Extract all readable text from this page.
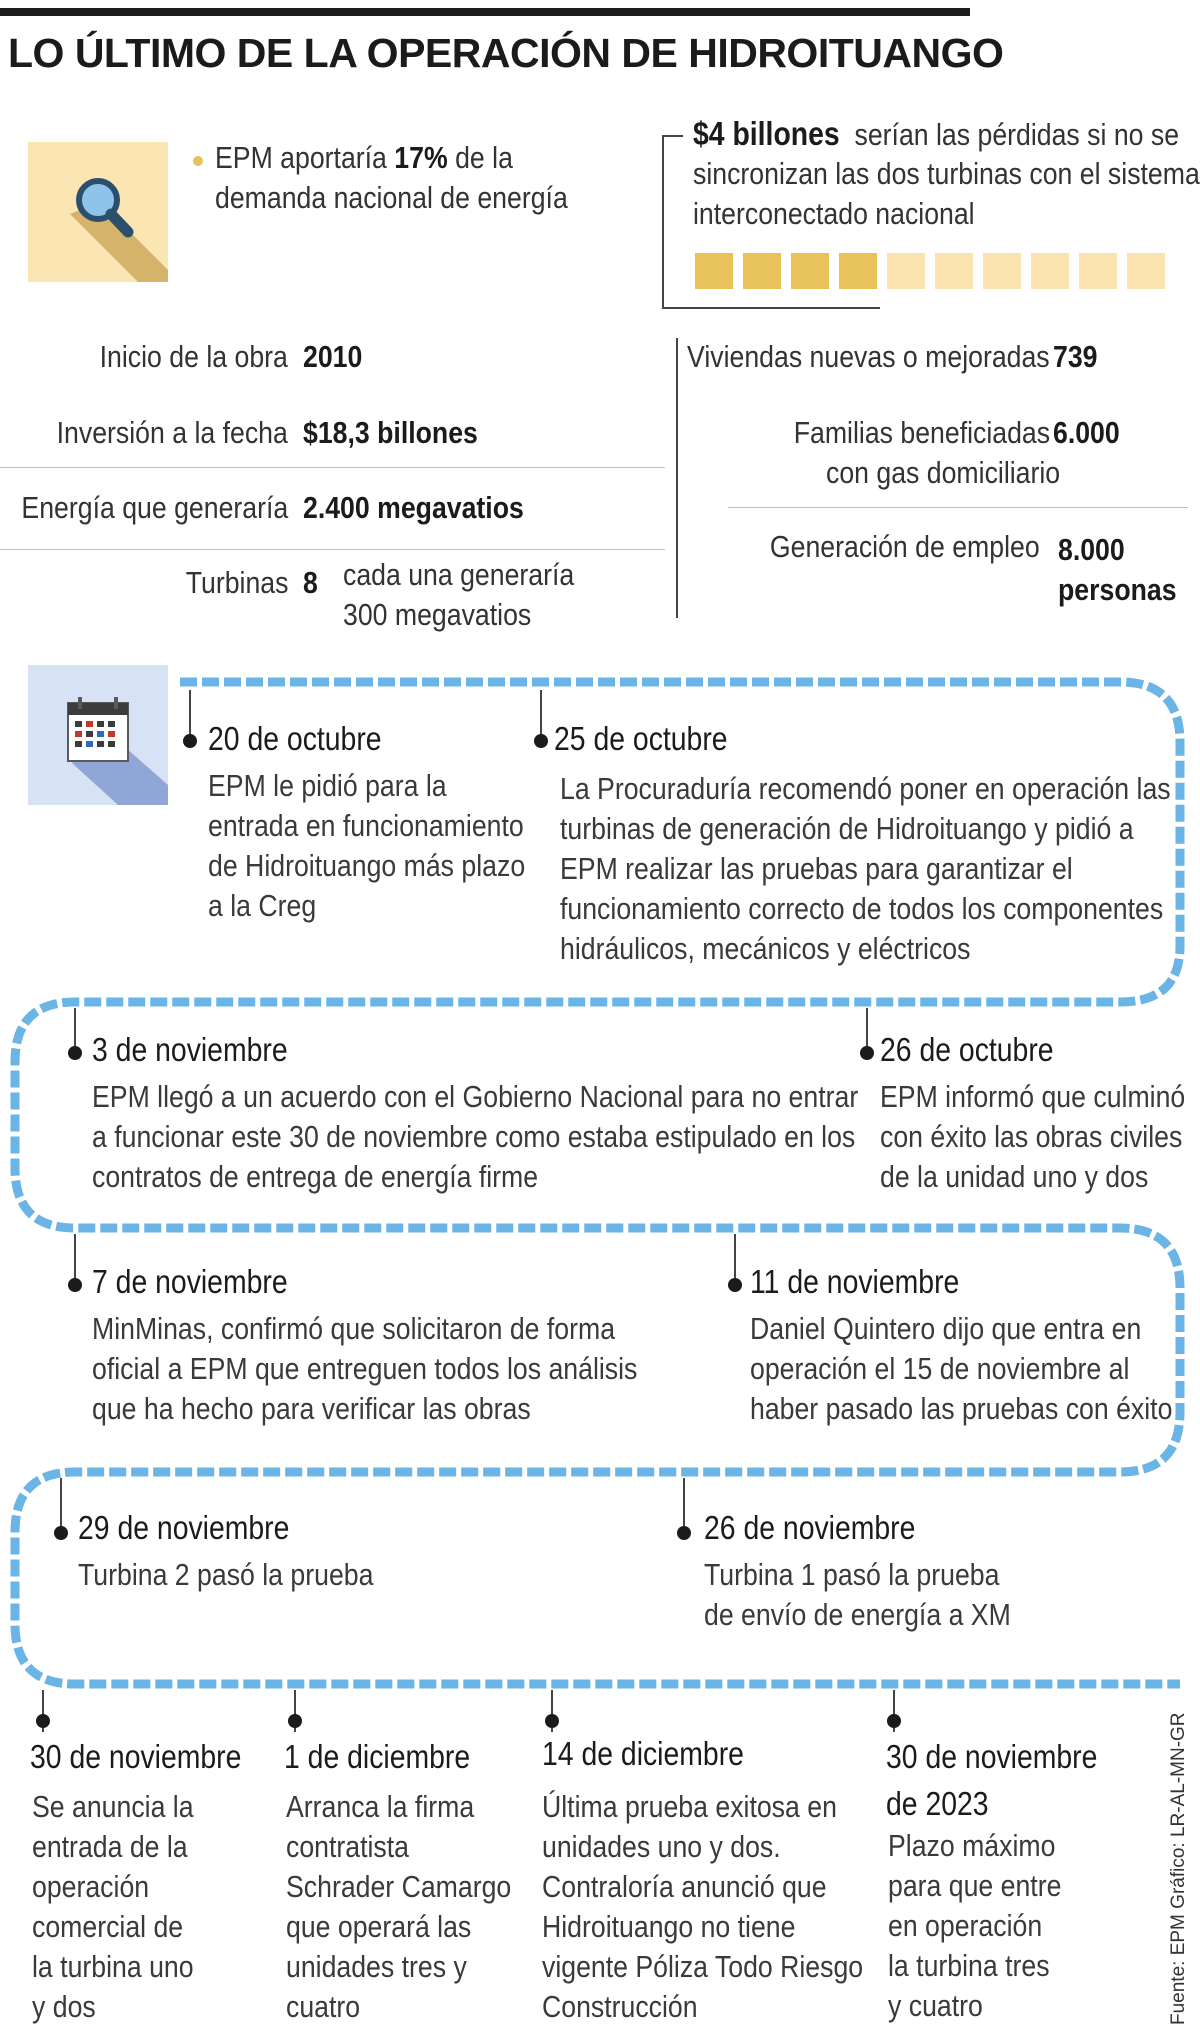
LO ÚLTIMO DE LA OPERACIÓN DE HIDROITUANGO
EPM aportaría 17% de la
demanda nacional de energía
$4 billones serían las pérdidas si no se
sincronizan las dos turbinas con el sistema
interconectado nacional
Inicio de la obra 2010
Inversión a la fecha $18,3 billones
Energía que generaría 2.400 megavatios
Turbinas 8 cada una generaría
300 megavatios
Viviendas nuevas o mejoradas 739
Familias beneficiadas 6.000
con gas domiciliario
Generación de empleo 8.000
personas
20 de octubre
EPM le pidió para la
entrada en funcionamiento
de Hidroituango más plazo
a la Creg
25 de octubre
La Procuraduría recomendó poner en operación las
turbinas de generación de Hidroituango y pidió a
EPM realizar las pruebas para garantizar el
funcionamiento correcto de todos los componentes
hidráulicos, mecánicos y eléctricos
26 de octubre
EPM informó que culminó
con éxito las obras civiles
de la unidad uno y dos
3 de noviembre
EPM llegó a un acuerdo con el Gobierno Nacional para no entrar
a funcionar este 30 de noviembre como estaba estipulado en los
contratos de entrega de energía firme
7 de noviembre
MinMinas, confirmó que solicitaron de forma
oficial a EPM que entreguen todos los análisis
que ha hecho para verificar las obras
11 de noviembre
Daniel Quintero dijo que entra en
operación el 15 de noviembre al
haber pasado las pruebas con éxito
26 de noviembre
Turbina 1 pasó la prueba
de envío de energía a XM
29 de noviembre
Turbina 2 pasó la prueba
30 de noviembre
Se anuncia la
entrada de la
operación
comercial de
la turbina uno
y dos
1 de diciembre
Arranca la firma
contratista
Schrader Camargo
que operará las
unidades tres y
cuatro
14 de diciembre
Última prueba exitosa en
unidades uno y dos.
Contraloría anunció que
Hidroituango no tiene
vigente Póliza Todo Riesgo
Construcción
30 de noviembre
de 2023
Plazo máximo
para que entre
en operación
la turbina tres
y cuatro	Fuente: EPM Gráfico: LR-AL-MN-GR
